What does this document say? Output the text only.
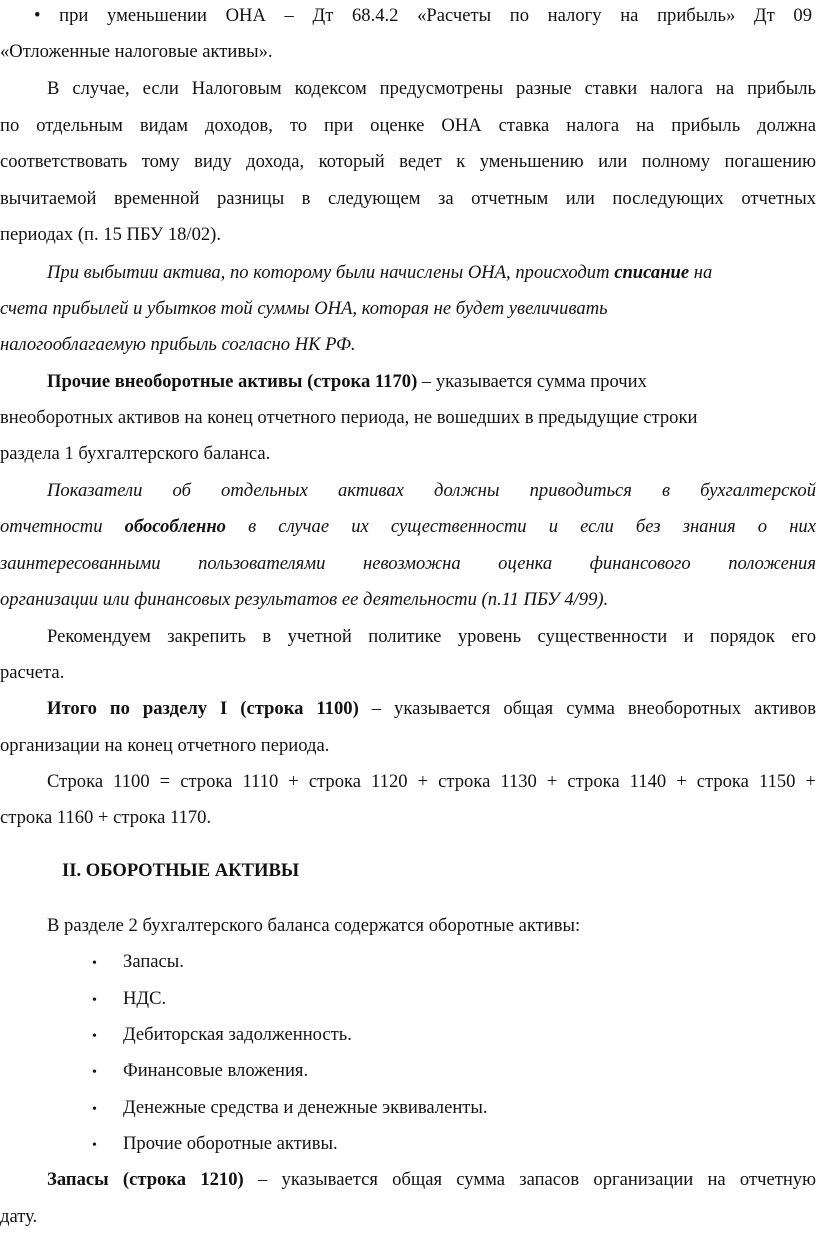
• при уменьшении ОНА – Дт 68.4.2 «Расчеты по налогу на прибыль» Дт 09
«Отложенные налоговые активы».
В случае, если Налоговым кодексом предусмотрены разные ставки налога на прибыль
по отдельным видам доходов, то при оценке ОНА ставка налога на прибыль должна
соответствовать тому виду дохода, который ведет к уменьшению или полному погашению
вычитаемой временной разницы в следующем за отчетным или последующих отчетных
периодах (п. 15 ПБУ 18/02).
При выбытии актива, по которому были начислены ОНА, происходит списание на
счета прибылей и убытков той суммы ОНА, которая не будет увеличивать
налогооблагаемую прибыль согласно НК РФ.
Прочие внеоборотные активы (строка 1170) – указывается сумма прочих
внеоборотных активов на конец отчетного периода, не вошедших в предыдущие строки
раздела 1 бухгалтерского баланса.
Показатели об отдельных активах должны приводиться в бухгалтерской
отчетности обособленно в случае их существенности и если без знания о них
заинтересованными пользователями невозможна оценка финансового положения
организации или финансовых результатов ее деятельности (п.11 ПБУ 4/99).
Рекомендуем закрепить в учетной политике уровень существенности и порядок его
расчета.
Итого по разделу I (строка 1100) – указывается общая сумма внеоборотных активов
организации на конец отчетного периода.
Строка 1100 = строка 1110 + строка 1120 + строка 1130 + строка 1140 + строка 1150 +
строка 1160 + строка 1170.
II. ОБОРОТНЫЕ АКТИВЫ
В разделе 2 бухгалтерского баланса содержатся оборотные активы:
• Запасы.
• НДС.
• Дебиторская задолженность.
• Финансовые вложения.
• Денежные средства и денежные эквиваленты.
• Прочие оборотные активы.
Запасы (строка 1210) – указывается общая сумма запасов организации на отчетную
дату.
